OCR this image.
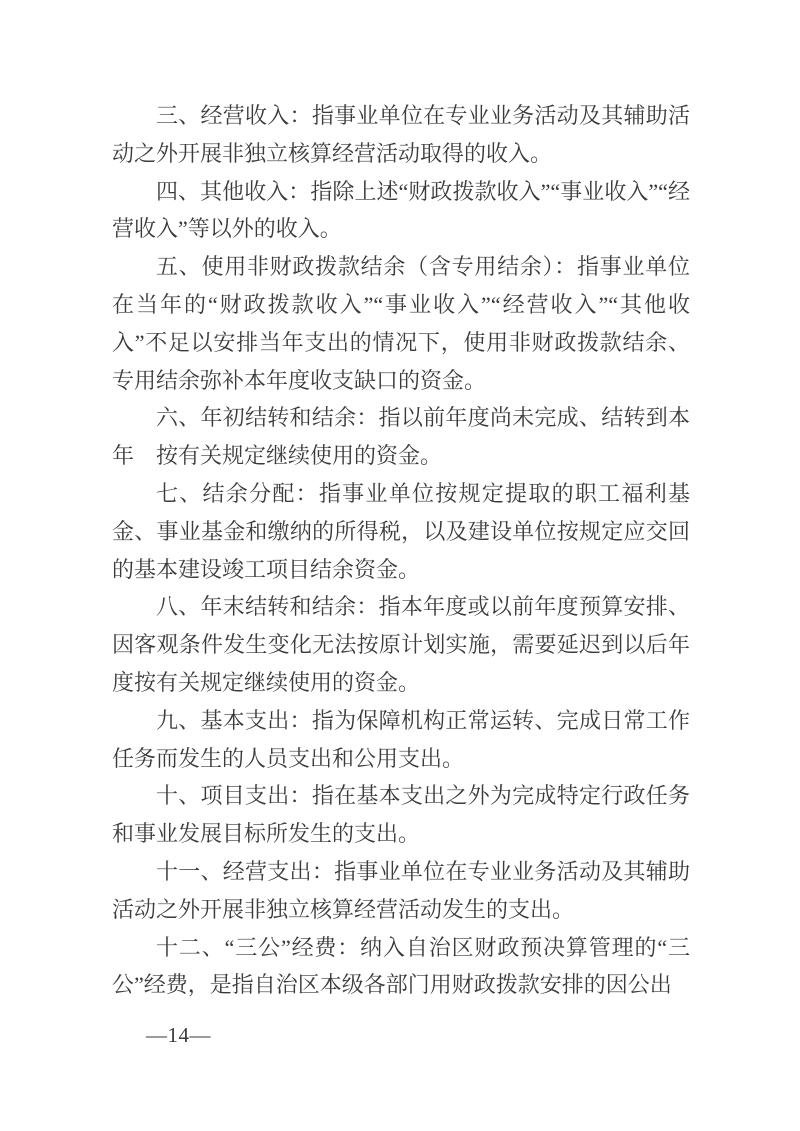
三、经营收入：指事业单位在专业业务活动及其辅助活动之外开展非独立核算经营活动取得的收入。

四、其他收入：指除上述“财政拨款收入”“事业收入”“经营收入”等以外的收入。

五、使用非财政拨款结余（含专用结余）：指事业单位在当年的“财政拨款收入”“事业收入”“经营收入”“其他收入”不足以安排当年支出的情况下，使用非财政拨款结余、专用结余弥补本年度收支缺口的资金。

六、年初结转和结余：指以前年度尚未完成、结转到本年　按有关规定继续使用的资金。

七、结余分配：指事业单位按规定提取的职工福利基金、事业基金和缴纳的所得税，以及建设单位按规定应交回的基本建设竣工项目结余资金。

八、年末结转和结余：指本年度或以前年度预算安排、因客观条件发生变化无法按原计划实施，需要延迟到以后年度按有关规定继续使用的资金。

九、基本支出：指为保障机构正常运转、完成日常工作任务而发生的人员支出和公用支出。

十、项目支出：指在基本支出之外为完成特定行政任务和事业发展目标所发生的支出。

十一、经营支出：指事业单位在专业业务活动及其辅助活动之外开展非独立核算经营活动发生的支出。

十二、“三公”经费：纳入自治区财政预决算管理的“三公”经费，是指自治区本级各部门用财政拨款安排的因公出

—14—
